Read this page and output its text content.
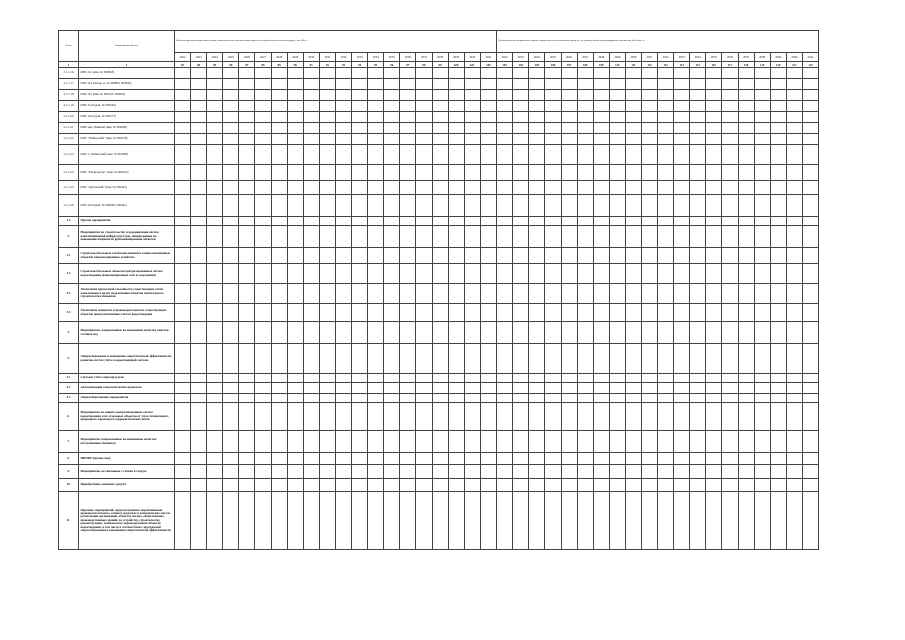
№ п/п	Наименование объекта	Расчётный расход электрической энергии, потребляемой в технологическом процессе (потреблённой в отчётном периоде), тыс. кВт·ч																				Удельный расход электрической энергии, затраченной в технологическом процессе, на единицу объёма транспортируемых сточных вод, кВт·ч/куб. м																			
		2022	2023	2024	2025	2026	2027	2028	2029	2030	2031	2032	2033	2034	2035	2036	2037	2038	2039	2040	2041	2022	2023	2024	2025	2026	2027	2028	2029	2030	2031	2032	2033	2034	2035	2036	2037	2038	2039	2040	2041
1	2	83	84	85	86	87	88	89	90	91	92	93	94	95	96	97	98	99	100	101	102	103	104	105	106	107	108	109	110	111	112	113	114	115	116	117	118	119	120	121	122
2.1.1.16	КНС №1 (инв. № 000845)																																								
2.1.1.17	КНС №4 (Литер А, № 000866, 000834)																																								
2.1.1.18	КНС №5 (инв. № 000195, 000843)																																								
2.1.1.19	КНС №10 (инв. № 000262)																																								
2.1.1.20	КНС №22 (инв. № 000277)																																								
2.1.1.21	КНС мкр. Южный (инв. № 000000)																																								
2.1.1.22	КНС "Майорский" (инв. № 000278)																																								
2.1.1.23	КНС п. Майорский (инв. № 000280)																																								
2.1.1.24	КНС "Мелиоратор" (инв. № 000442)																																								
2.1.1.25	КНС "Дубовский" (инв. № 000443)																																								
2.1.1.26	КНС №33 (инв. № 000000, 000442)																																								
2.2	Прочие мероприятия																																								
3.	Мероприятия по строительству и модернизации систем канализационной инфраструктуры, направленные на повышение надёжности функционирования объектов																																								
3.1	Строительство новых сетей канализации и замена изношенных объектов канализационного хозяйства																																								
3.2	Строительство новых объектов централизованных систем водоотведения (канализационные сети и сооружения)																																								
3.3	Увеличение пропускной способности существующих сетей канализации в целях подключения объектов капитального строительства абонентов																																								
3.4	Увеличение мощности и производительности существующих объектов централизованных систем водоотведения																																								
4.	Мероприятия, направленные на повышение качества очистки сточных вод																																								
5.	Энергосбережение и повышение энергетической эффективности, развитие систем учёта в водоотводящей системе																																								
5.1	Системы учёта энергоресурсов																																								
5.2	Автоматизация технологических процессов																																								
5.3	Энергосберегающие мероприятия																																								
6.	Мероприятия по защите централизованных систем водоотведения и их отдельных объектов от угроз техногенного, природного характера и террористических актов																																								
7.	Мероприятия, направленные на повышение качества обслуживания абонентов																																								
8.	НИОКР (прочие мер)																																								
9.	Мероприятия, не связанные с сетями и сооруж.																																								
10.	Приобретение основных средств																																								
11.	Перечень мероприятий, предусмотренных нормативными правовыми актами о сетевых средствах в коммерческих местах регистрации организаций, объектах жилых, общественных, производственных зданий, по устройству, строительству, реконструкции, техническому перевооружению объектов водоотведения, в том числе в соответствии с программой энергосбережения и повышения энергетической эффективности																																								
